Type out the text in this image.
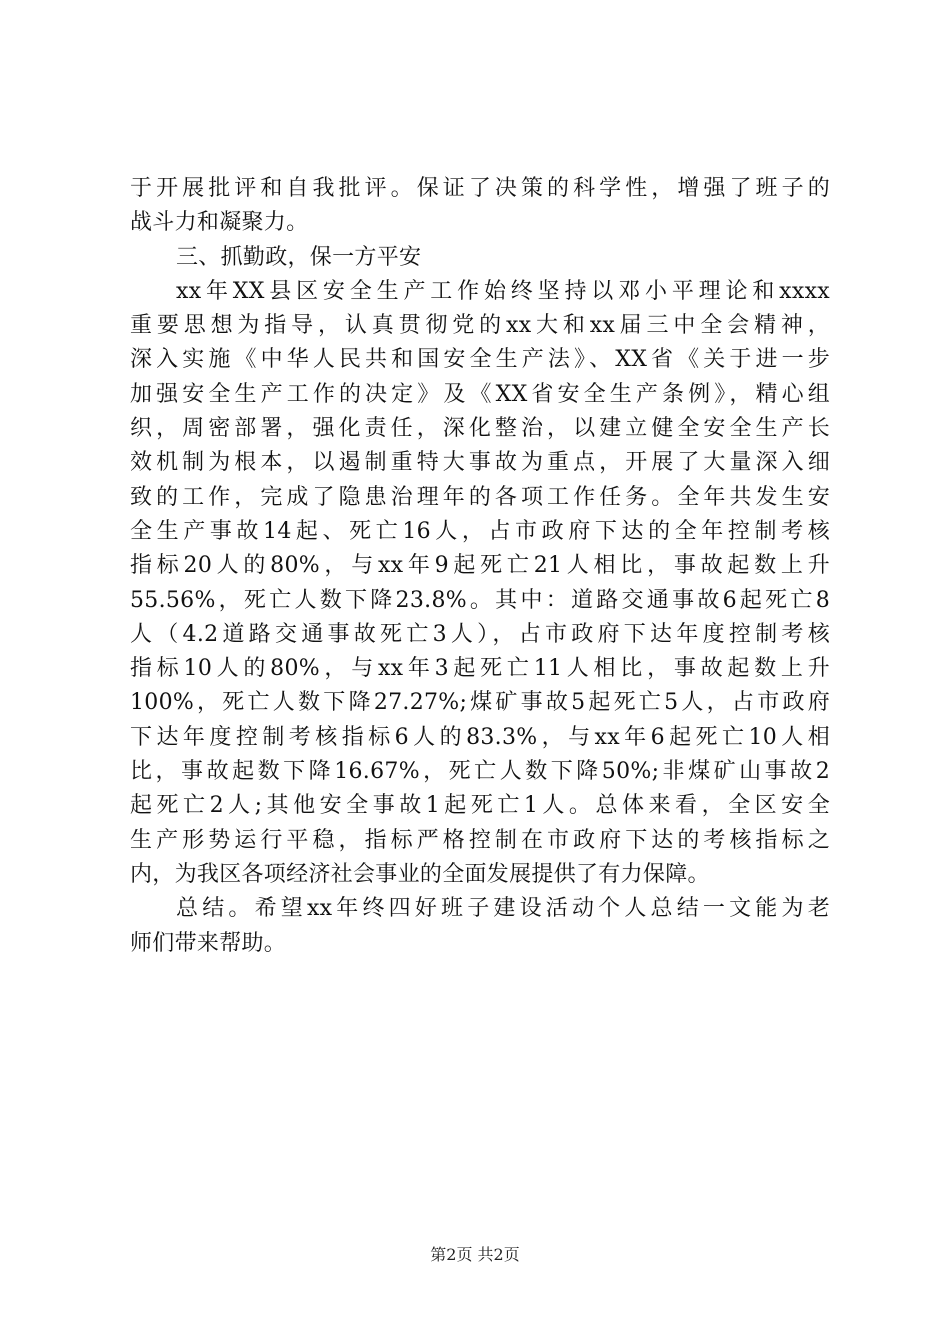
于开展批评和自我批评。保证了决策的科学性，增强了班子的
战斗力和凝聚力。
三、抓勤政，保一方平安
xx年XX县区安全生产工作始终坚持以邓小平理论和xxxx
重要思想为指导，认真贯彻党的xx大和xx届三中全会精神，
深入实施《中华人民共和国安全生产法》、XX省《关于进一步
加强安全生产工作的决定》及《XX省安全生产条例》，精心组
织，周密部署，强化责任，深化整治，以建立健全安全生产长
效机制为根本，以遏制重特大事故为重点，开展了大量深入细
致的工作，完成了隐患治理年的各项工作任务。全年共发生安
全生产事故14起、死亡16人，占市政府下达的全年控制考核
指标20人的80%，与xx年9起死亡21人相比，事故起数上升
55.56%，死亡人数下降23.8%。其中：道路交通事故6起死亡8
人（4.2道路交通事故死亡3人），占市政府下达年度控制考核
指标10人的80%，与xx年3起死亡11人相比，事故起数上升
100%，死亡人数下降27.27%;煤矿事故5起死亡5人，占市政府
下达年度控制考核指标6人的83.3%，与xx年6起死亡10人相
比，事故起数下降16.67%，死亡人数下降50%;非煤矿山事故2
起死亡2人;其他安全事故1起死亡1人。总体来看，全区安全
生产形势运行平稳，指标严格控制在市政府下达的考核指标之
内，为我区各项经济社会事业的全面发展提供了有力保障。
总结。希望xx年终四好班子建设活动个人总结一文能为老
师们带来帮助。
第2页 共2页
